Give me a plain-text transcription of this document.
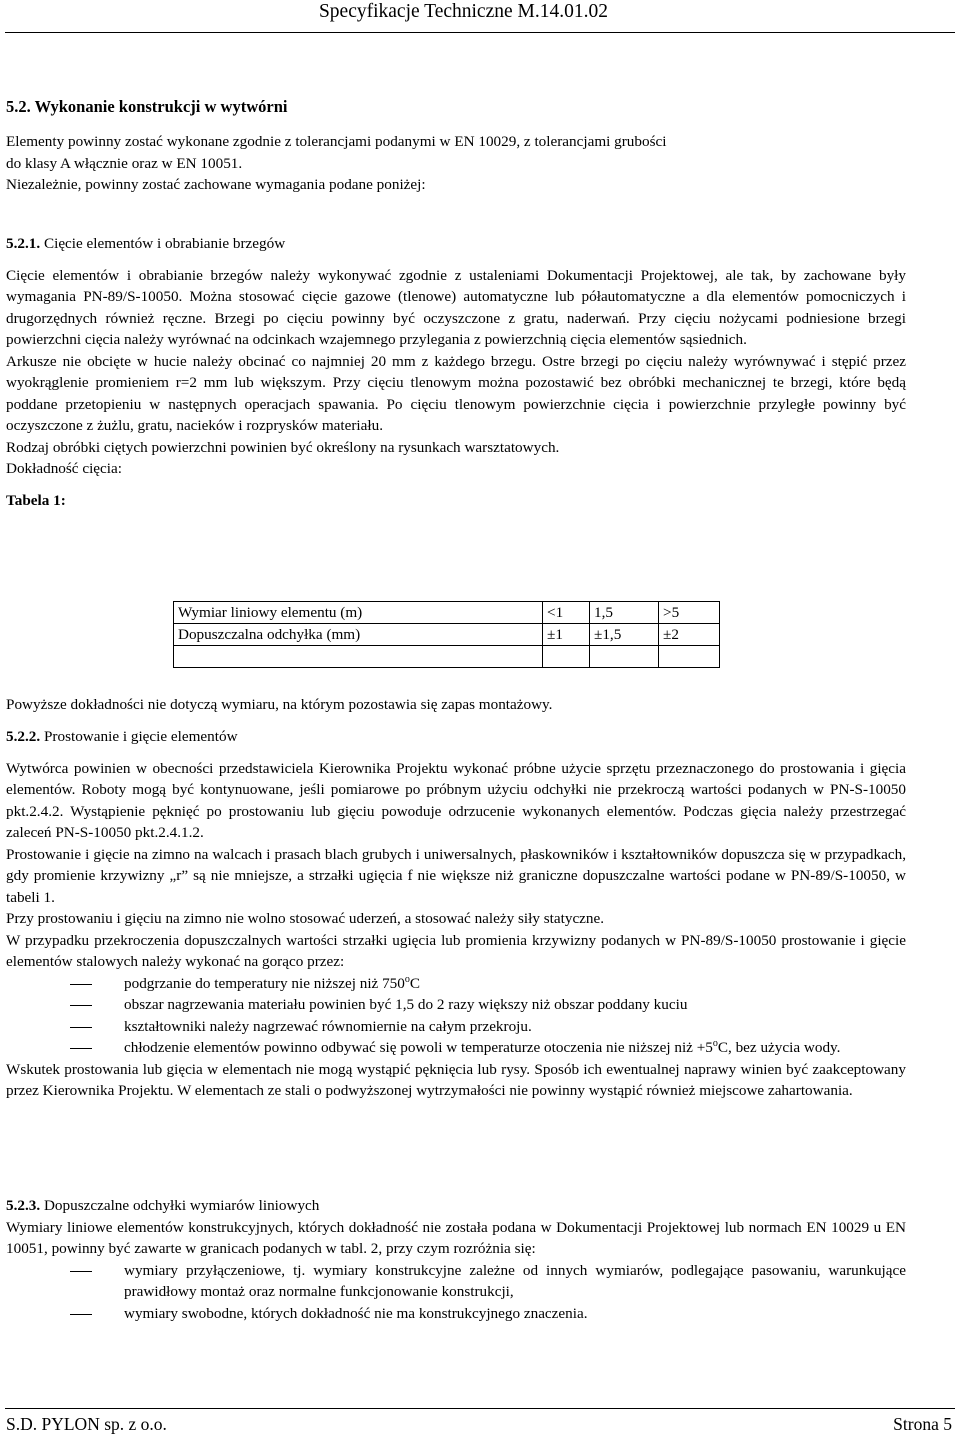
Specyfikacje Techniczne M.14.01.02
5.2. Wykonanie konstrukcji w wytwórni

Elementy powinny zostać wykonane zgodnie z tolerancjami podanymi w EN 10029, z tolerancjami grubości

do klasy A włącznie oraz w EN 10051.

Niezależnie, powinny zostać zachowane wymagania podane poniżej:

5.2.1. Cięcie elementów i obrabianie brzegów

Cięcie elementów i obrabianie brzegów należy wykonywać zgodnie z ustaleniami Dokumentacji Projektowej, ale tak, by zachowane były wymagania PN-89/S-10050. Można stosować cięcie gazowe (tlenowe) automatyczne lub półautomatyczne a dla elementów pomocniczych i drugorzędnych również ręczne. Brzegi po cięciu powinny być oczyszczone z gratu, naderwań. Przy cięciu nożycami podniesione brzegi powierzchni cięcia należy wyrównać na odcinkach wzajemnego przylegania z powierzchnią cięcia elementów sąsiednich.

Arkusze nie obcięte w hucie należy obcinać co najmniej 20 mm z każdego brzegu. Ostre brzegi po cięciu należy wyrównywać i stępić przez wyokrąglenie promieniem r=2 mm lub większym. Przy cięciu tlenowym można pozostawić bez obróbki mechanicznej te brzegi, które będą poddane przetopieniu w następnych operacjach spawania. Po cięciu tlenowym powierzchnie cięcia i powierzchnie przyległe powinny być oczyszczone z żużlu, gratu, nacieków i rozprysków materiału.

Rodzaj obróbki ciętych powierzchni powinien być określony na rysunkach warsztatowych.

Dokładność cięcia:

Tabela 1:

Wymiar liniowy elementu (m)	<1	1,5	>5
Dopuszczalna odchyłka (mm)	±1	±1,5	±2

Powyższe dokładności nie dotyczą wymiaru, na którym pozostawia się zapas montażowy.

5.2.2. Prostowanie i gięcie elementów

Wytwórca powinien w obecności przedstawiciela Kierownika Projektu wykonać próbne użycie sprzętu przeznaczonego do prostowania i gięcia elementów. Roboty mogą być kontynuowane, jeśli pomiarowe po próbnym użyciu odchyłki nie przekroczą wartości podanych w PN-S-10050 pkt.2.4.2. Wystąpienie pęknięć po prostowaniu lub gięciu powoduje odrzucenie wykonanych elementów. Podczas gięcia należy przestrzegać zaleceń PN-S-10050 pkt.2.4.1.2.

Prostowanie i gięcie na zimno na walcach i prasach blach grubych i uniwersalnych, płaskowników i kształtowników dopuszcza się w przypadkach, gdy promienie krzywizny „r” są nie mniejsze, a strzałki ugięcia f nie większe niż graniczne dopuszczalne wartości podane w PN-89/S-10050, w tabeli 1.

Przy prostowaniu i gięciu na zimno nie wolno stosować uderzeń, a stosować należy siły statyczne.

W przypadku przekroczenia dopuszczalnych wartości strzałki ugięcia lub promienia krzywizny podanych w PN-89/S-10050 prostowanie i gięcie elementów stalowych należy wykonać na gorąco przez:

podgrzanie do temperatury nie niższej niż 750$^o$C

obszar nagrzewania materiału powinien być 1,5 do 2 razy większy niż obszar poddany kuciu

kształtowniki należy nagrzewać równomiernie na całym przekroju.

chłodzenie elementów powinno odbywać się powoli w temperaturze otoczenia nie niższej niż $+5^oC$, bez użycia wody.

Wskutek prostowania lub gięcia w elementach nie mogą wystąpić pęknięcia lub rysy. Sposób ich ewentualnej naprawy winien być zaakceptowany przez Kierownika Projektu. W elementach ze stali o podwyższonej wytrzymałości nie powinny wystąpić również miejscowe zahartowania.

5.2.3. Dopuszczalne odchyłki wymiarów liniowych

Wymiary liniowe elementów konstrukcyjnych, których dokładność nie została podana w Dokumentacji Projektowej lub normach EN 10029 u EN 10051, powinny być zawarte w granicach podanych w tabl. 2, przy czym rozróżnia się:

wymiary przyłączeniowe, tj. wymiary konstrukcyjne zależne od innych wymiarów, podlegające pasowaniu, warunkujące prawidłowy montaż oraz normalne funkcjonowanie konstrukcji,

wymiary swobodne, których dokładność nie ma konstrukcyjnego znaczenia.

S.D. PYLON sp. z o.o.	Strona 5
